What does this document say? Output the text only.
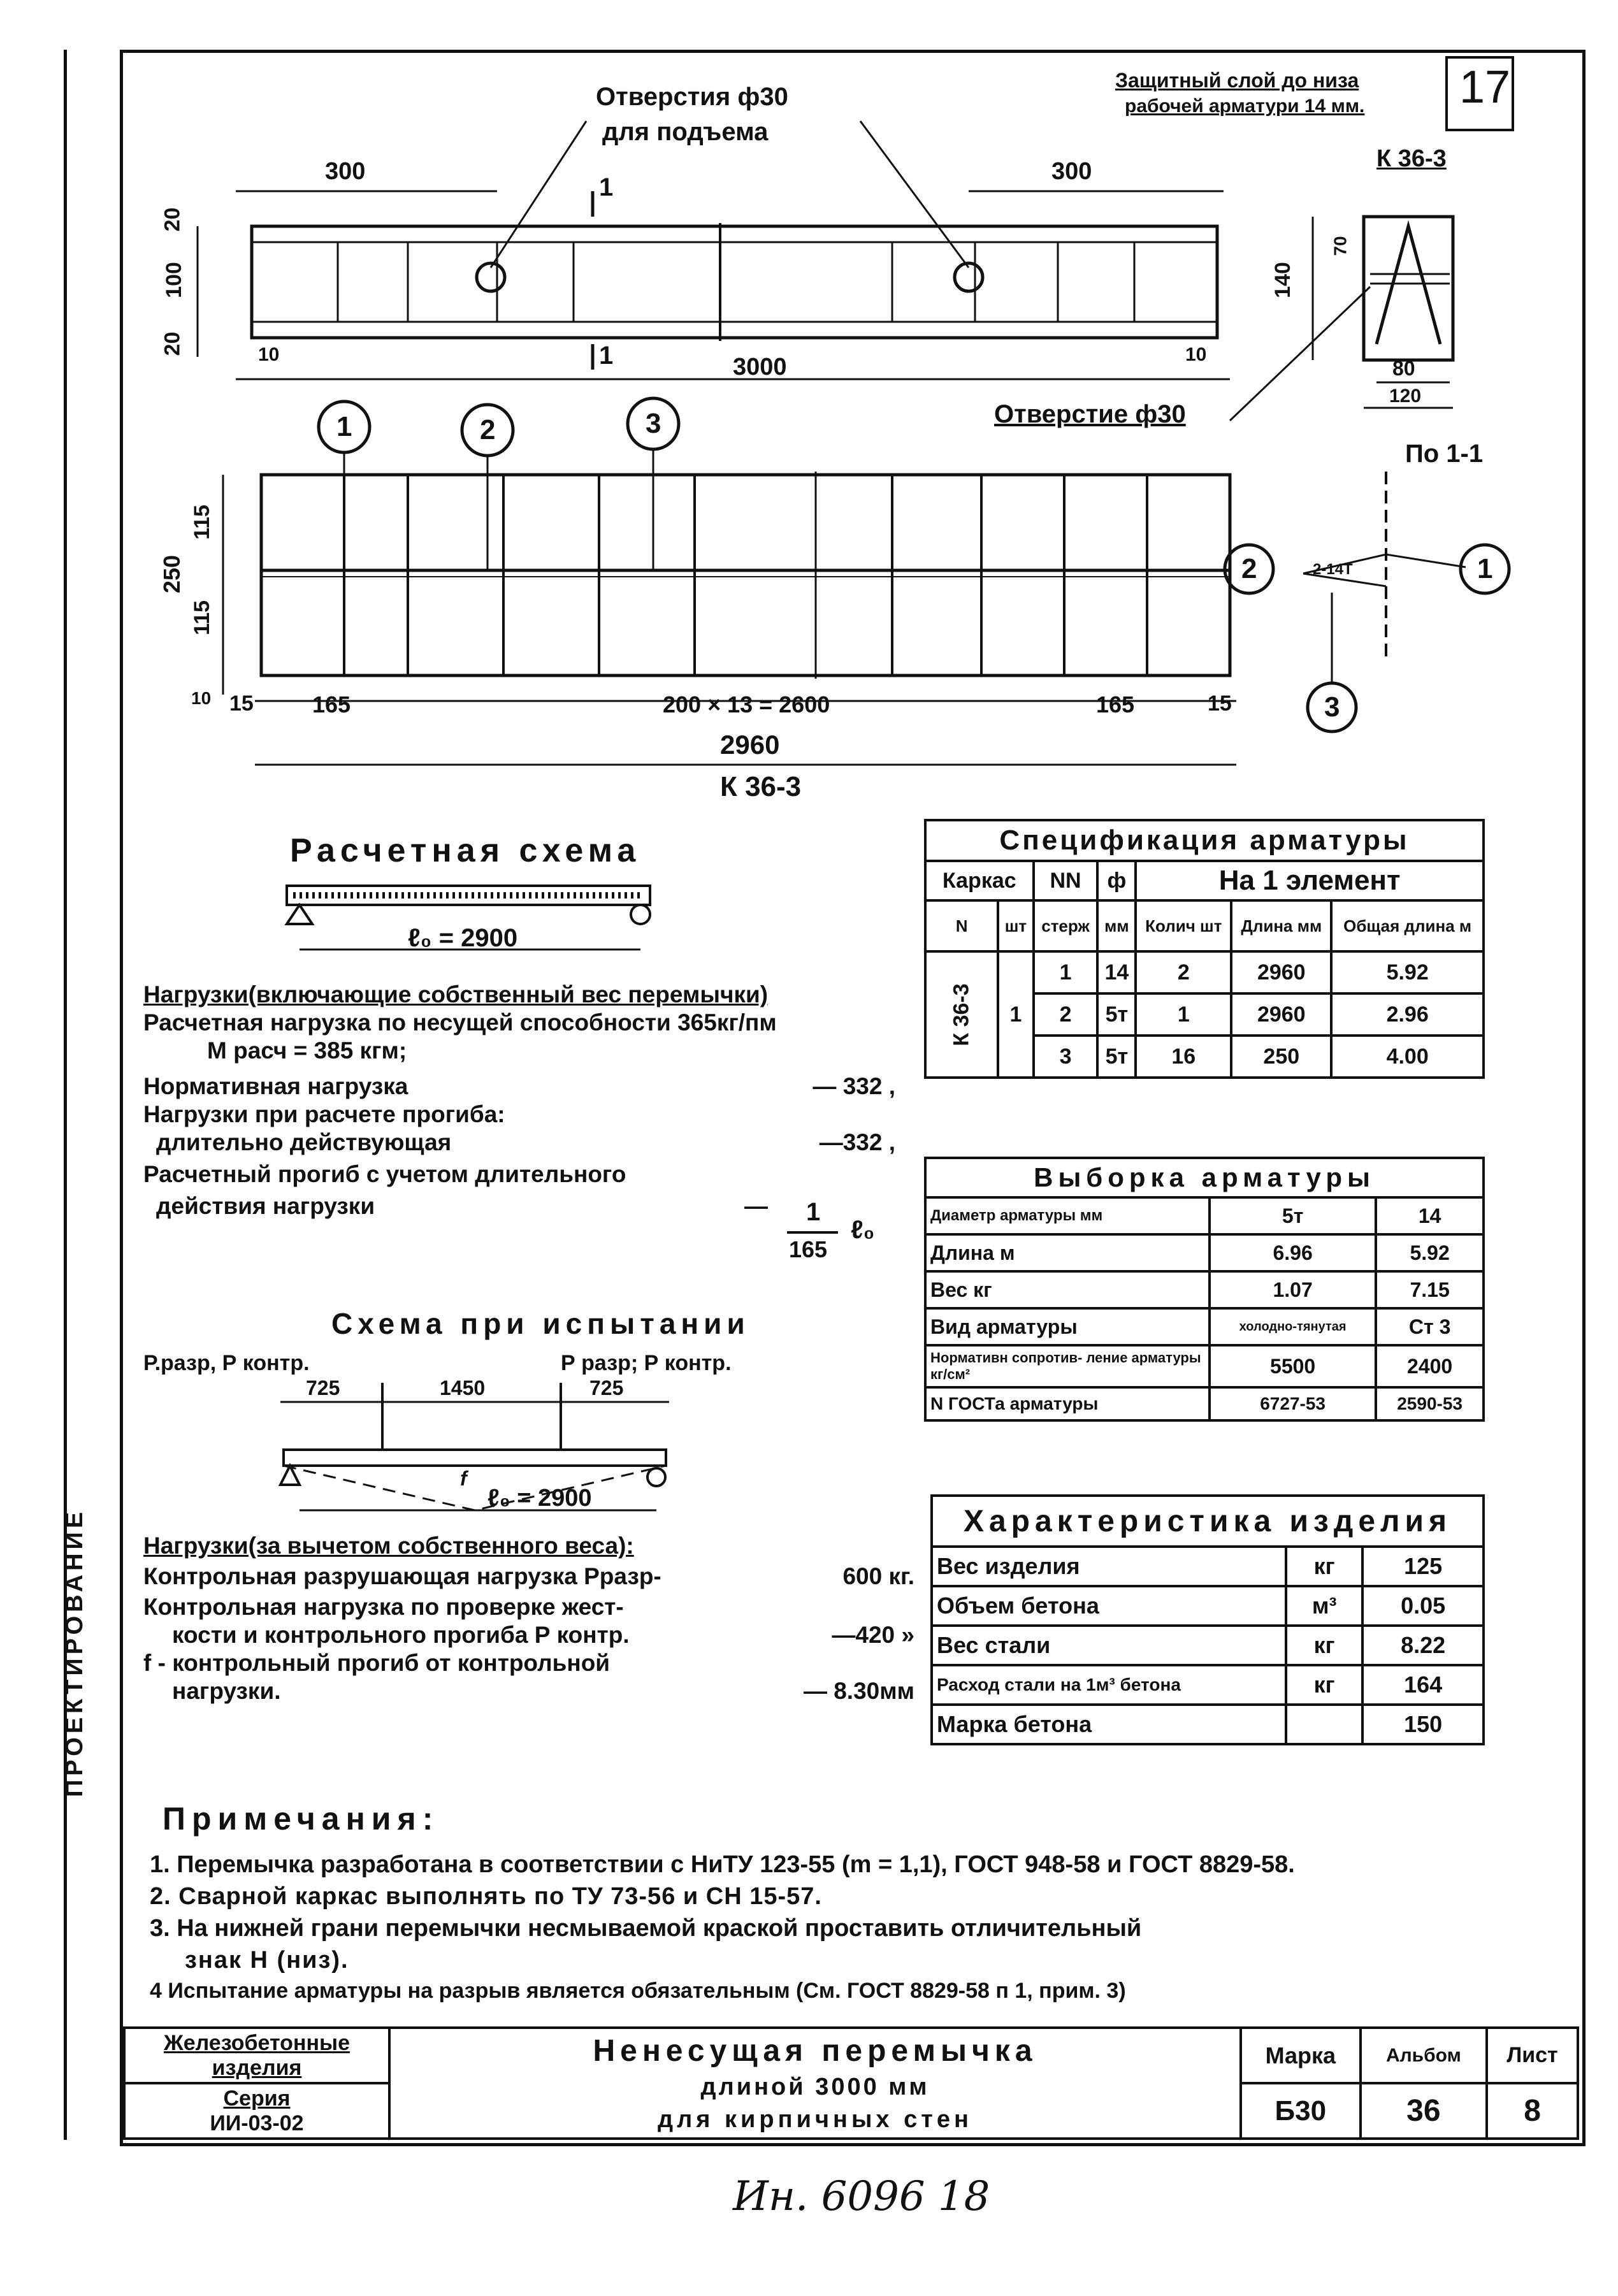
ПРОЕКТИРОВАНИЕ
17
Защитный слой до низа
рабочей арматури 14 мм.
Отверстия ф30
для подъема
Отверстие ф30
К 36-3
По 1-1
1
1
300	300
20
100
20	10	3000	10
70
140
80
120
1	2	3
2	1
3
2-14Т
250
115
115
10 15	165	200 × 13 = 2600	165	15
2960
К 36-3
Расчетная схема
ℓ₀ = 2900
Нагрузки(включающие собственный вес перемычки)
Расчетная нагрузка по несущей способности 365кг/пм
М расч = 385 кгм;
Нормативная нагрузка	— 332 ,
Нагрузки при расчете прогиба:
длительно действующая	—332 ,
Расчетный прогиб с учетом длительного
действия нагрузки	—	1
165
ℓ₀
Схема при испытании
Р.разр, Р контр.	Р разр; Р контр.
725	1450	725
f
ℓ₀ = 2900
Нагрузки(за вычетом собственного веса):
Контрольная разрушающая нагрузка Рразр-	600 кг.
Контрольная нагрузка по проверке жест-
кости и контрольного прогиба Р контр.	—420 »
f - контрольный прогиб от контрольной
нагрузки.	— 8.30мм
Спецификация арматуры						
Каркас		NN	ф	На 1 элемент		
N	шт	стерж	мм	Колич шт	Длина мм	Общая длина м

К 36-3	1	1	14	2	2960	5.92
		2	5т	1	2960	2.96
		3	5т	16	250	4.00
Выборка арматуры		
Диаметр арматуры мм	5т	14
Длина м	6.96	5.92
Вес кг	1.07	7.15
Вид арматуры	холодно-тянутая	Ст 3
Нормативн сопротив- ление арматуры кг/см²	5500	2400
N ГОСТа арматуры	6727-53	2590-53
Характеристика изделия		
Вес изделия	кг	125
Объем бетона	м³	0.05
Вес стали	кг	8.22
Расход стали на 1м³ бетона	кг	164
Марка бетона		150
Примечания:
1. Перемычка разработана в соответствии с НиТУ 123-55 (m = 1,1), ГОСТ 948-58 и ГОСТ 8829-58.
2. Сварной каркас выполнять по ТУ 73-56 и СН 15-57.
3. На нижней грани перемычки несмываемой краской проставить отличительный
знак Н (низ).
4 Испытание арматуры на разрыв является обязательным (См. ГОСТ 8829-58 п 1, прим. 3)
Железобетонные изделия	Ненесущая перемычка
длиной 3000 мм
для кирпичных стен	Марка	Альбом	Лист

Серия
ИИ-03-02		Б30	36	8
Ин. 6096 18
